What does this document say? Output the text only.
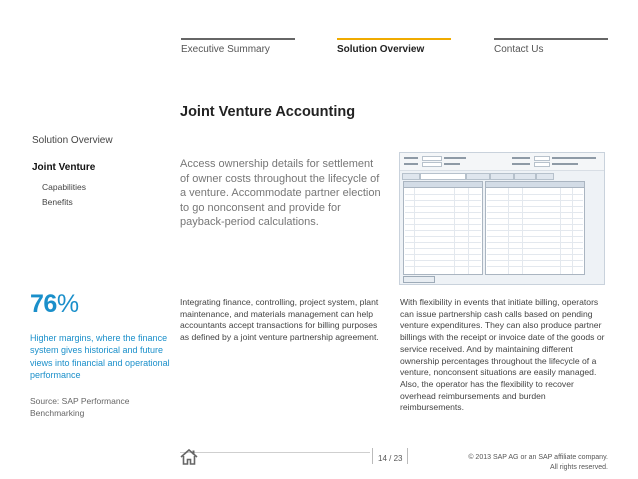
Executive Summary	Solution Overview	Contact Us
Joint Venture Accounting
Solution Overview
Joint Venture
Capabilities
Benefits
Access ownership details for settlement of owner costs throughout the lifecycle of a venture. Accommodate partner election to go nonconsent and provide for payback-period calculations.
76%
Higher margins, where the finance system gives historical and future views into financial and operational performance
Source: SAP Performance Benchmarking
Integrating finance, controlling, project system, plant maintenance, and materials management can help accountants accept transactions for billing purposes as defined by a joint venture partnership agreement.
With flexibility in events that initiate billing, operators can issue partnership cash calls based on pending venture expenditures. They can also produce partner billings with the receipt or invoice date of the goods or service received. And by maintaining different ownership percentages throughout the lifecycle of a venture, nonconsent situations are easily managed. Also, the operator has the flexibility to recover overhead reimbursements and burden reimbursements.
14 / 23	© 2013 SAP AG or an SAP affiliate company.
All rights reserved.
